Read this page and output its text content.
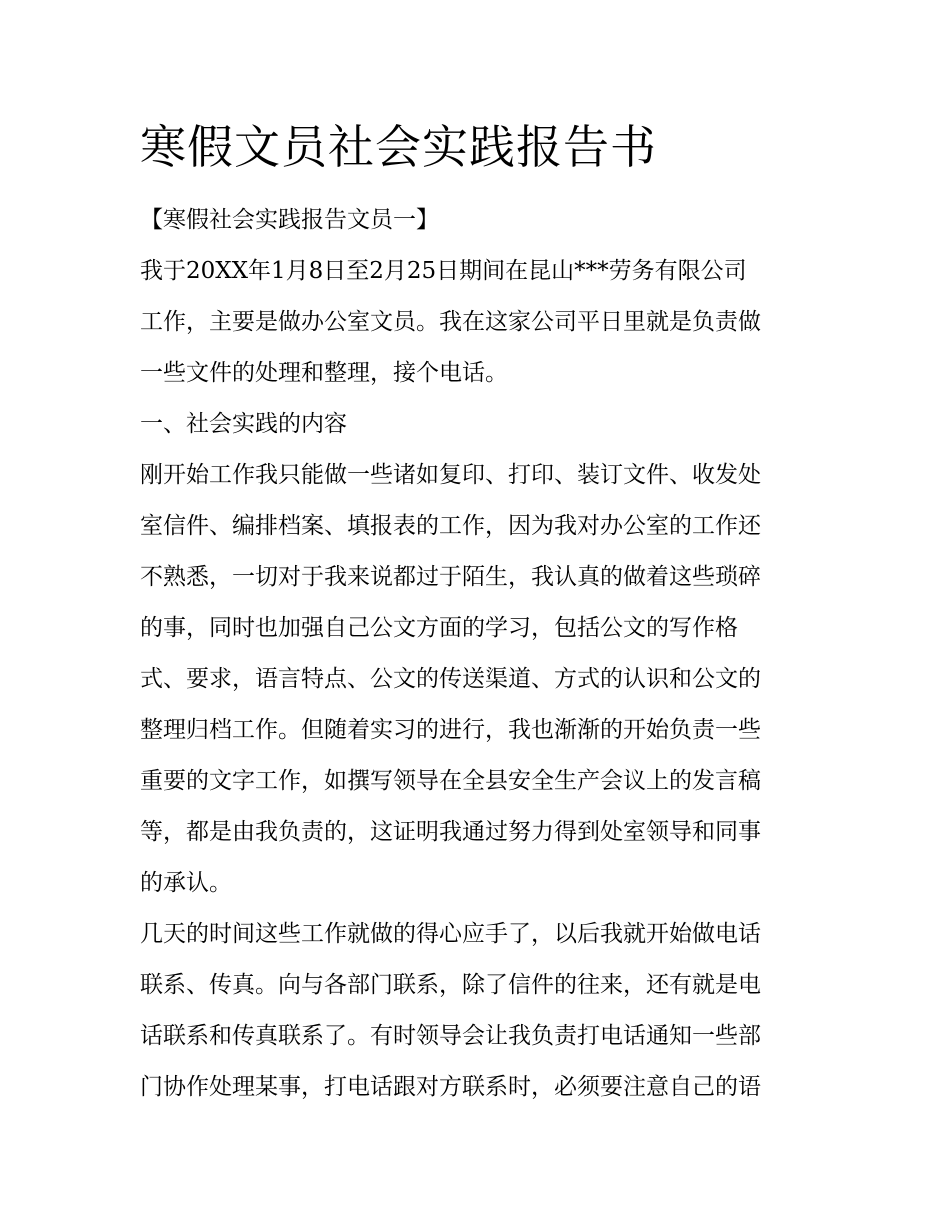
寒假文员社会实践报告书
【寒假社会实践报告文员一】
我于20XX年1月8日至2月25日期间在昆山***劳务有限公司
工作，主要是做办公室文员。我在这家公司平日里就是负责做
一些文件的处理和整理，接个电话。
一、社会实践的内容
刚开始工作我只能做一些诸如复印、打印、装订文件、收发处
室信件、编排档案、填报表的工作，因为我对办公室的工作还
不熟悉，一切对于我来说都过于陌生，我认真的做着这些琐碎
的事，同时也加强自己公文方面的学习，包括公文的写作格
式、要求，语言特点、公文的传送渠道、方式的认识和公文的
整理归档工作。但随着实习的进行，我也渐渐的开始负责一些
重要的文字工作，如撰写领导在全县安全生产会议上的发言稿
等，都是由我负责的，这证明我通过努力得到处室领导和同事
的承认。
几天的时间这些工作就做的得心应手了，以后我就开始做电话
联系、传真。向与各部门联系，除了信件的往来，还有就是电
话联系和传真联系了。有时领导会让我负责打电话通知一些部
门协作处理某事，打电话跟对方联系时，必须要注意自己的语
